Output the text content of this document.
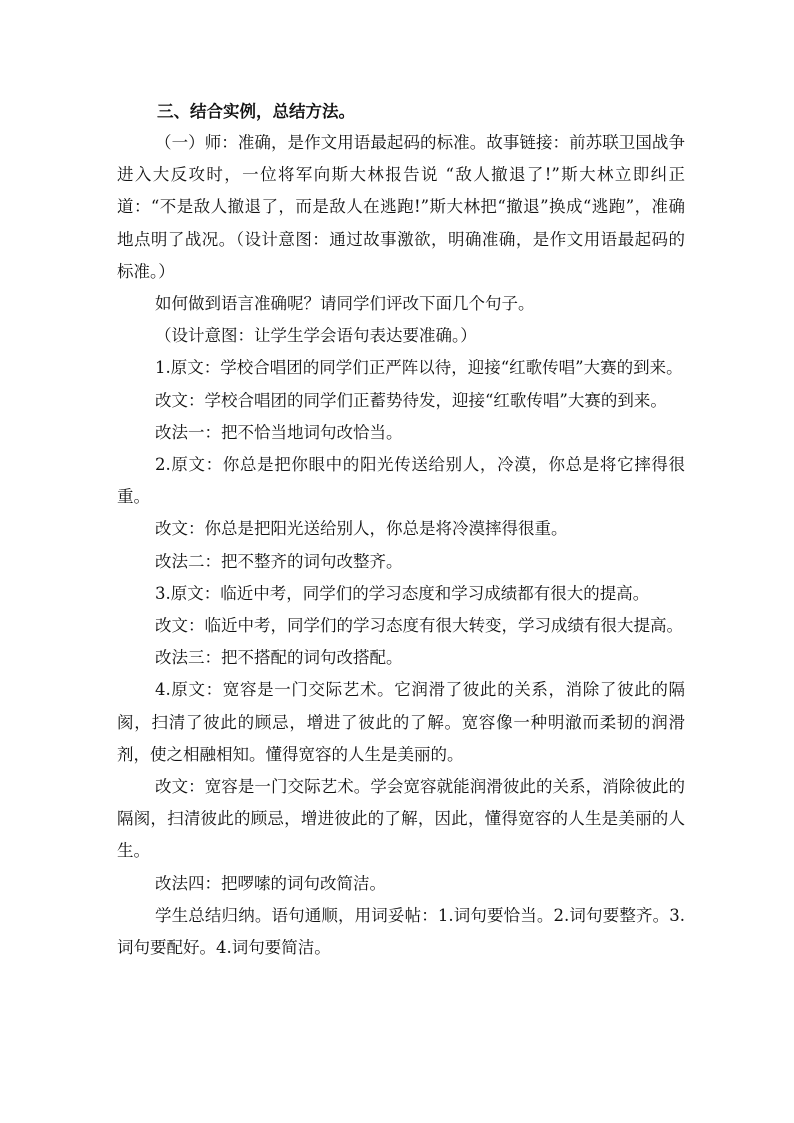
三、结合实例，总结方法。

（一）师：准确，是作文用语最起码的标准。故事链接：前苏联卫国战争进入大反攻时，一位将军向斯大林报告说 “敌人撤退了!”斯大林立即纠正道：“不是敌人撤退了，而是敌人在逃跑!”斯大林把“撤退”换成“逃跑”，准确地点明了战况。（设计意图：通过故事激欲，明确准确，是作文用语最起码的标准。）

如何做到语言准确呢？请同学们评改下面几个句子。

（设计意图：让学生学会语句表达要准确。）

1.原文：学校合唱团的同学们正严阵以待，迎接“红歌传唱”大赛的到来。

改文：学校合唱团的同学们正蓄势待发，迎接“红歌传唱”大赛的到来。

改法一：把不恰当地词句改恰当。

2.原文：你总是把你眼中的阳光传送给别人，冷漠，你总是将它摔得很重。

改文：你总是把阳光送给别人，你总是将冷漠摔得很重。

改法二：把不整齐的词句改整齐。

3.原文：临近中考，同学们的学习态度和学习成绩都有很大的提高。

改文：临近中考，同学们的学习态度有很大转变，学习成绩有很大提高。

改法三：把不搭配的词句改搭配。

4.原文：宽容是一门交际艺术。它润滑了彼此的关系，消除了彼此的隔阂，扫清了彼此的顾忌，增进了彼此的了解。宽容像一种明澈而柔韧的润滑剂，使之相融相知。懂得宽容的人生是美丽的。

改文：宽容是一门交际艺术。学会宽容就能润滑彼此的关系，消除彼此的隔阂，扫清彼此的顾忌，增进彼此的了解，因此，懂得宽容的人生是美丽的人生。

改法四：把啰嗦的词句改简洁。

学生总结归纳。语句通顺，用词妥帖：1.词句要恰当。2.词句要整齐。3.词句要配好。4.词句要简洁。
